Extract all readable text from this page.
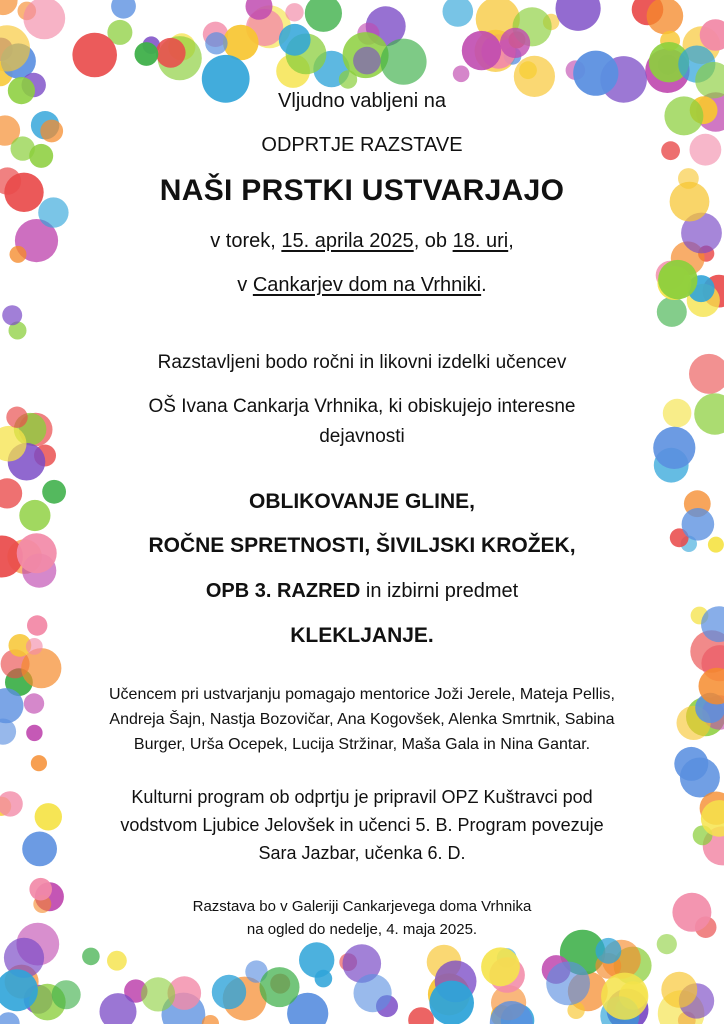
Vljudno vabljeni na
ODPRTJE RAZSTAVE
NAŠI PRSTKI USTVARJAJO
v torek, 15. aprila 2025, ob 18. uri,
v Cankarjev dom na Vrhniki.
Razstavljeni bodo ročni in likovni izdelki učencev
OŠ Ivana Cankarja Vrhnika, ki obiskujejo interesne
dejavnosti
OBLIKOVANJE GLINE,
ROČNE SPRETNOSTI, ŠIVILJSKI KROŽEK,
OPB 3. RAZRED in izbirni predmet
KLEKLJANJE.
Učencem pri ustvarjanju pomagajo mentorice Joži Jerele, Mateja Pellis,
Andreja Šajn, Nastja Bozovičar, Ana Kogovšek, Alenka Smrtnik, Sabina
Burger, Urša Ocepek, Lucija Stržinar, Maša Gala in Nina Gantar.
Kulturni program ob odprtju je pripravil OPZ Kuštravci pod
vodstvom Ljubice Jelovšek in učenci 5. B. Program povezuje
Sara Jazbar, učenka 6. D.
Razstava bo v Galeriji Cankarjevega doma Vrhnika
na ogled do nedelje, 4. maja 2025.
